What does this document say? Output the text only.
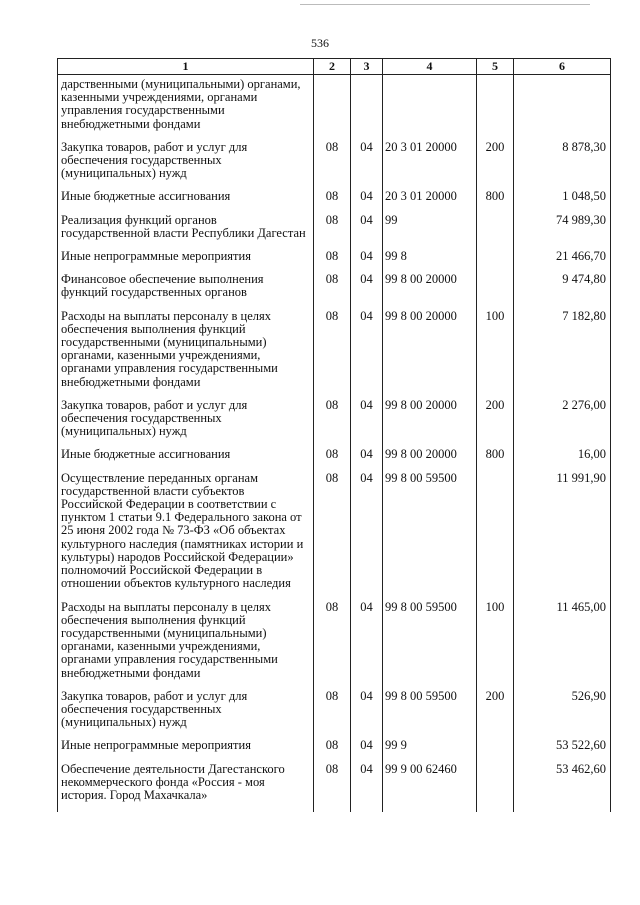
536
1	2	3	4	5	6
дарственными (муниципальными) органами, казенными учреждениями, органами управления государственными внебюджетными фондами					
Закупка товаров, работ и услуг для обеспечения государственных (муниципальных) нужд	08	04	20 3 01 20000	200	8 878,30
Иные бюджетные ассигнования	08	04	20 3 01 20000	800	1 048,50
Реализация функций органов государственной власти Республики Дагестан	08	04	99		74 989,30
Иные непрограммные мероприятия	08	04	99 8		21 466,70
Финансовое обеспечение выполнения функций государственных органов	08	04	99 8 00 20000		9 474,80
Расходы на выплаты персоналу в целях обеспечения выполнения функций государственными (муниципальными) органами, казенными учреждениями, органами управления государственными внебюджетными фондами	08	04	99 8 00 20000	100	7 182,80
Закупка товаров, работ и услуг для обеспечения государственных (муниципальных) нужд	08	04	99 8 00 20000	200	2 276,00
Иные бюджетные ассигнования	08	04	99 8 00 20000	800	16,00
Осуществление переданных органам государственной власти субъектов Российской Федерации в соответствии с пунктом 1 статьи 9.1 Федерального закона от 25 июня 2002 года № 73-ФЗ «Об объектах культурного наследия (памятниках истории и культуры) народов Российской Федерации» полномочий Российской Федерации в отношении объектов культурного наследия	08	04	99 8 00 59500		11 991,90
Расходы на выплаты персоналу в целях обеспечения выполнения функций государственными (муниципальными) органами, казенными учреждениями, органами управления государственными внебюджетными фондами	08	04	99 8 00 59500	100	11 465,00
Закупка товаров, работ и услуг для обеспечения государственных (муниципальных) нужд	08	04	99 8 00 59500	200	526,90
Иные непрограммные мероприятия	08	04	99 9		53 522,60
Обеспечение деятельности Дагестанского некоммерческого фонда «Россия - моя история. Город Махачкала»	08	04	99 9 00 62460		53 462,60
